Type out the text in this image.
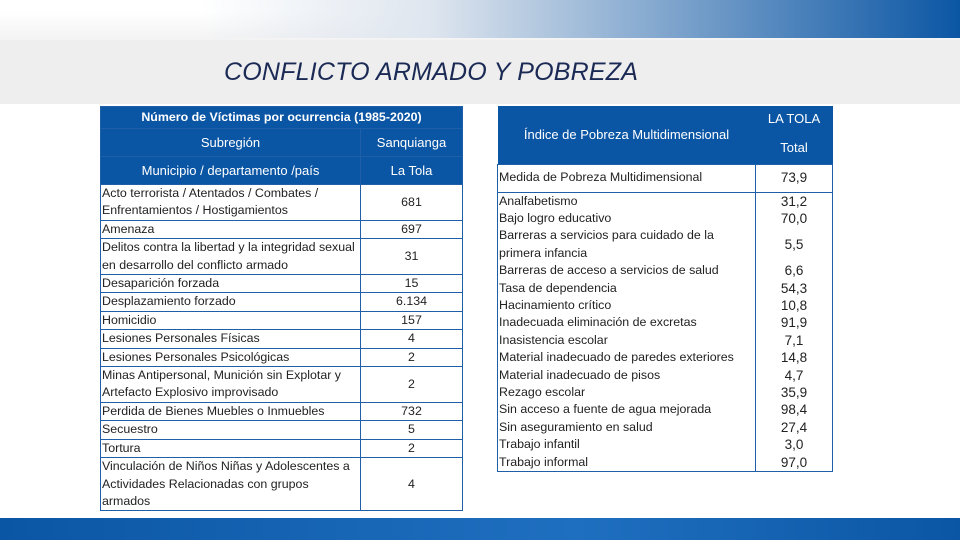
CONFLICTO ARMADO Y POBREZA
Número de Víctimas por ocurrencia (1985-2020)	
Subregión	Sanquianga
Municipio / departamento /país	La Tola
Acto terrorista / Atentados / Combates / Enfrentamientos / Hostigamientos	681
Amenaza	697
Delitos contra la libertad y la integridad sexual en desarrollo del conflicto armado	31
Desaparición forzada	15
Desplazamiento forzado	6.134
Homicidio	157
Lesiones Personales Físicas	4
Lesiones Personales Psicológicas	2
Minas Antipersonal, Munición sin Explotar y Artefacto Explosivo improvisado	2
Perdida de Bienes Muebles o Inmuebles	732
Secuestro	5
Tortura	2
Vinculación de Niños Niñas y Adolescentes a Actividades Relacionadas con grupos armados	4
Índice de Pobreza Multidimensional	LA TOLA
	Total
Medida de Pobreza Multidimensional	73,9
Analfabetismo	31,2
Bajo logro educativo	70,0
Barreras a servicios para cuidado de la primera infancia	5,5
Barreras de acceso a servicios de salud	6,6
Tasa de dependencia	54,3
Hacinamiento crítico	10,8
Inadecuada eliminación de excretas	91,9
Inasistencia escolar	7,1
Material inadecuado de paredes exteriores	14,8
Material inadecuado de pisos	4,7
Rezago escolar	35,9
Sin acceso a fuente de agua mejorada	98,4
Sin aseguramiento en salud	27,4
Trabajo infantil	3,0
Trabajo informal	97,0
